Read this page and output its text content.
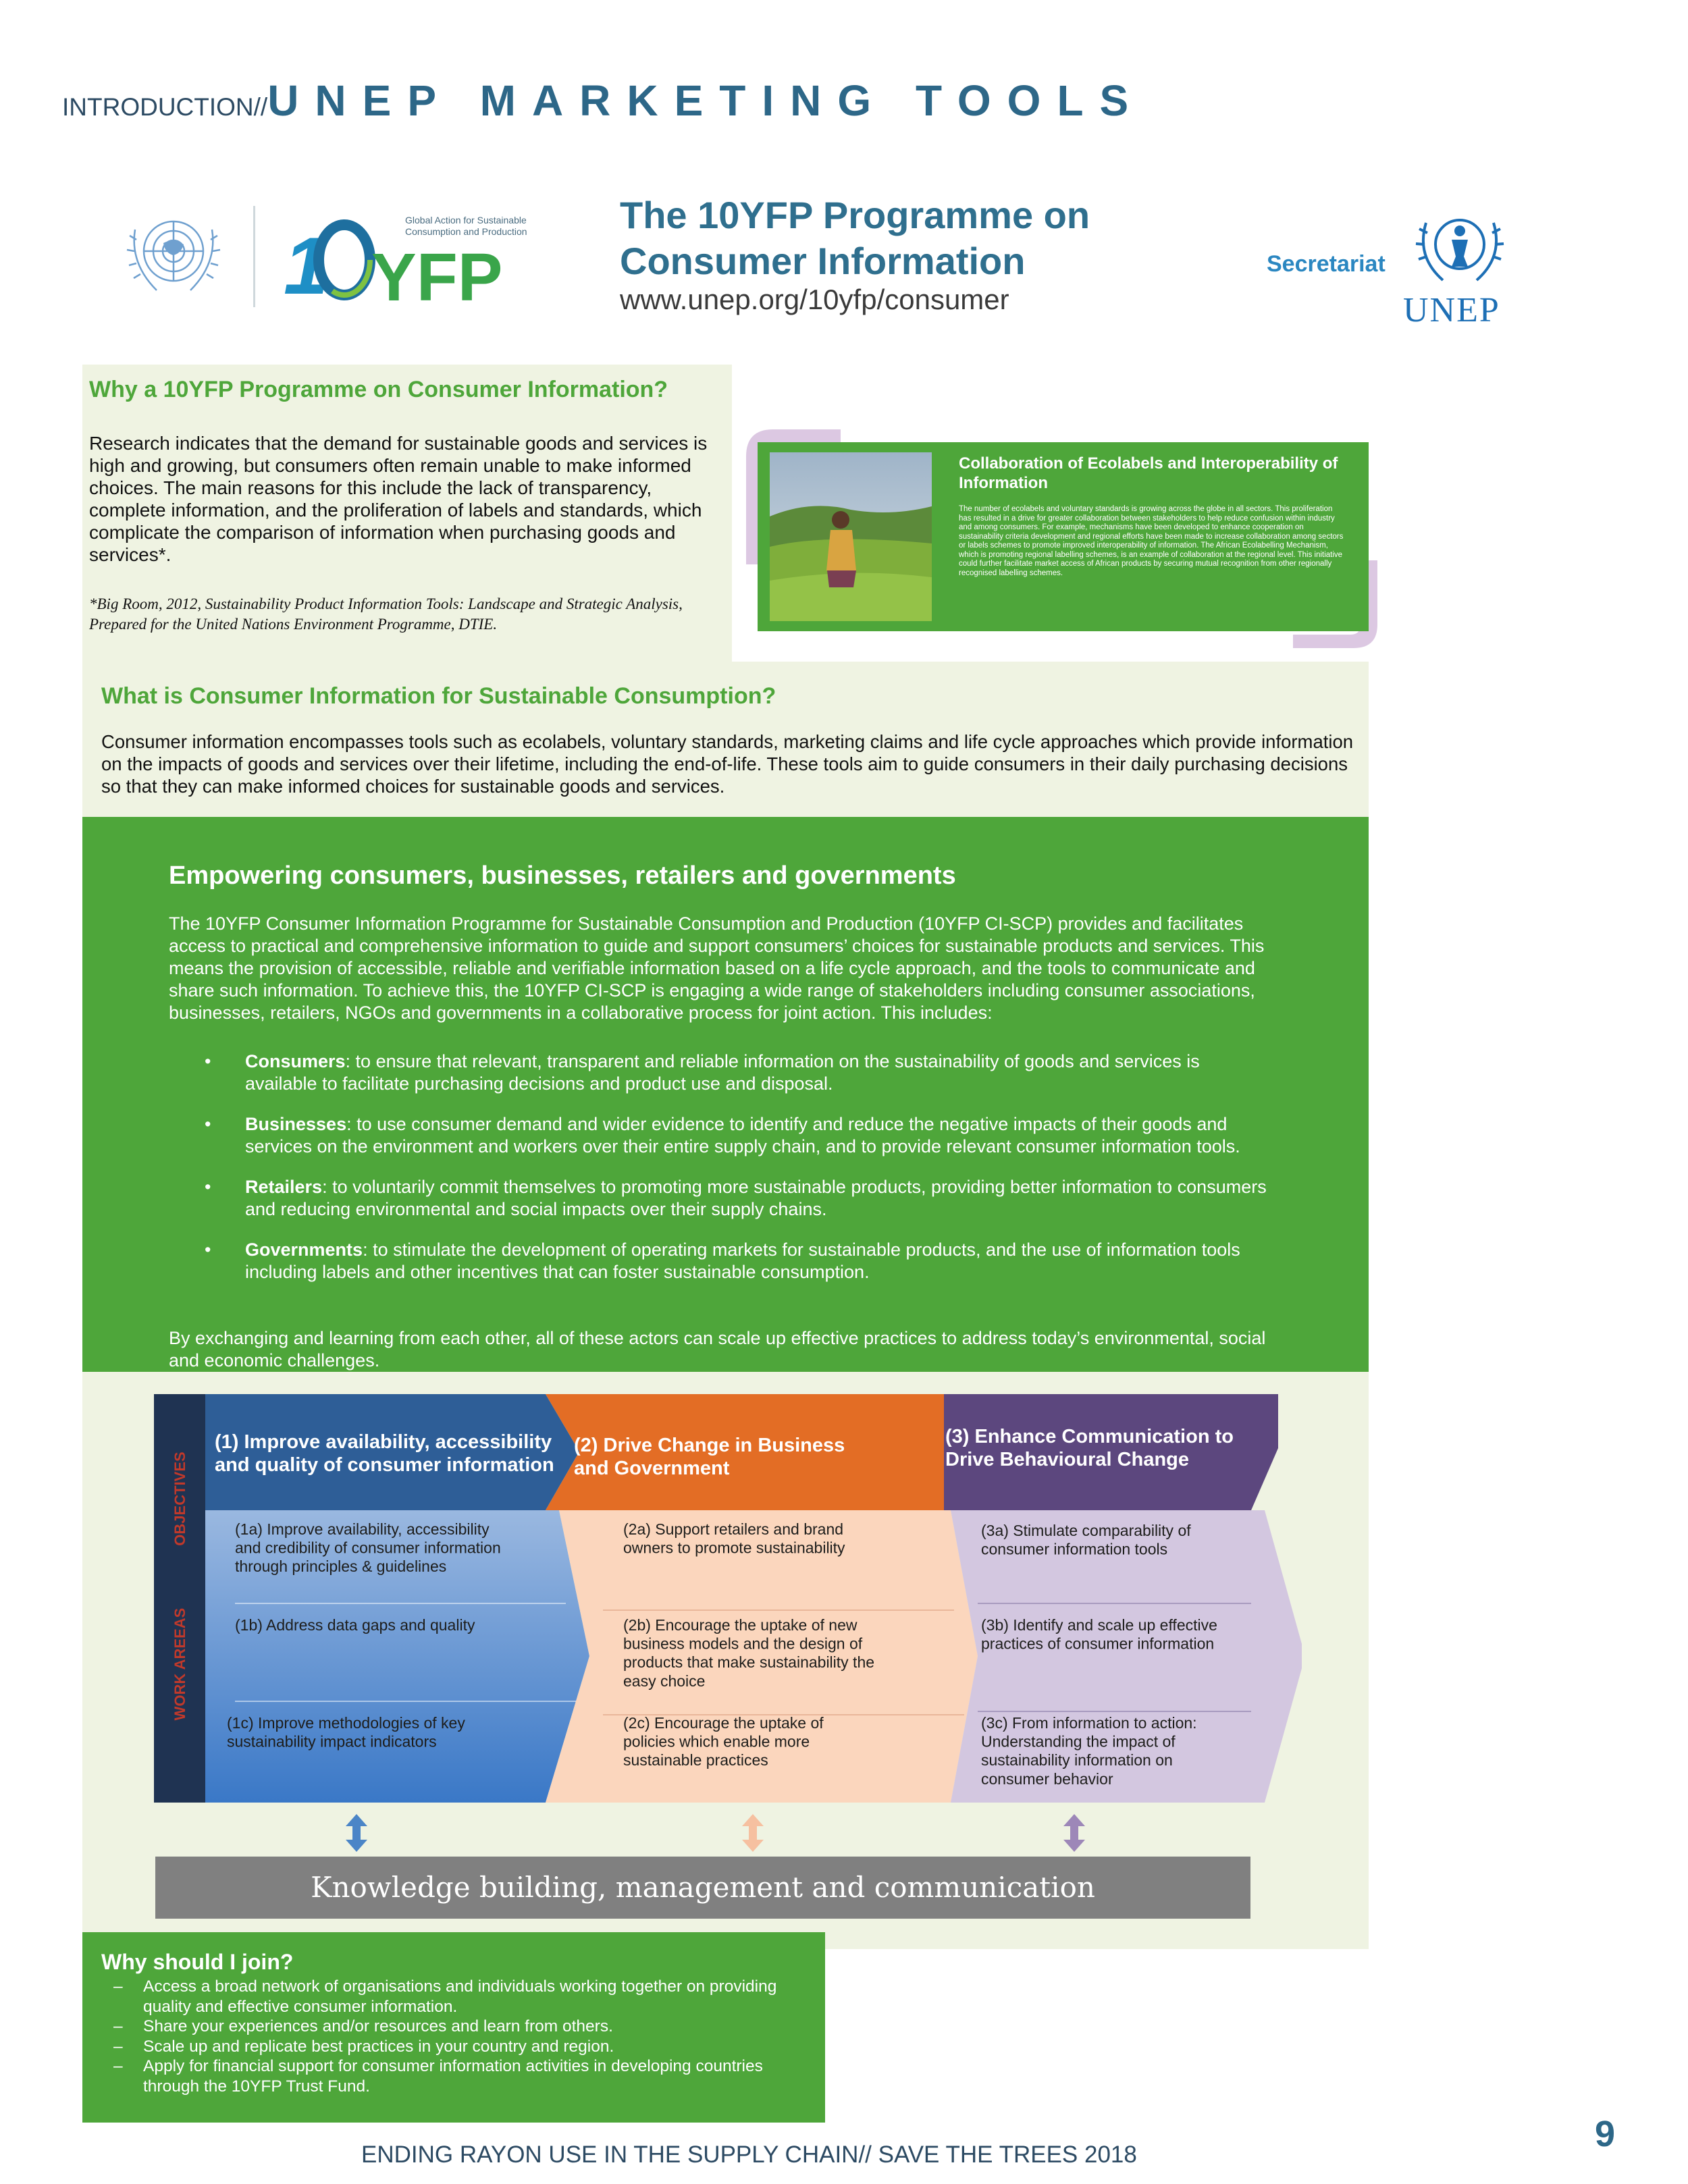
INTRODUCTION//UNEP MARKETING TOOLS
1 YFP
Global Action for Sustainable Consumption and Production	The 10YFP Programme on
Consumer Information
www.unep.org/10yfp/consumer
Secretariat
UNEP
Why a 10YFP Programme on Consumer Information?
Research indicates that the demand for sustainable goods and services is high and growing, but consumers often remain unable to make informed choices. The main reasons for this include the lack of transparency, complete information, and the proliferation of labels and standards, which complicate the comparison of information when purchasing goods and services*.
*Big Room, 2012, Sustainability Product Information Tools: Landscape and Strategic Analysis, Prepared for the United Nations Environment Programme, DTIE.
Collaboration of Ecolabels and Interoperability of Information
The number of ecolabels and voluntary standards is growing across the globe in all sectors. This proliferation has resulted in a drive for greater collaboration between stakeholders to help reduce confusion within industry and among consumers. For example, mechanisms have been developed to enhance cooperation on sustainability criteria development and regional efforts have been made to increase collaboration among sectors or labels schemes to promote improved interoperability of information. The African Ecolabelling Mechanism, which is promoting regional labelling schemes, is an example of collaboration at the regional level. This initiative could further facilitate market access of African products by securing mutual recognition from other regionally recognised labelling schemes.
What is Consumer Information for Sustainable Consumption?
Consumer information encompasses tools such as ecolabels, voluntary standards, marketing claims and life cycle approaches which provide information on the impacts of goods and services over their lifetime, including the end-of-life. These tools aim to guide consumers in their daily purchasing decisions so that they can make informed choices for sustainable goods and services.
Empowering consumers, businesses, retailers and governments
The 10YFP Consumer Information Programme for Sustainable Consumption and Production (10YFP CI-SCP) provides and facilitates access to practical and comprehensive information to guide and support consumers’ choices for sustainable products and services. This means the provision of accessible, reliable and verifiable information based on a life cycle approach, and the tools to communicate and share such information. To achieve this, the 10YFP CI-SCP is engaging a wide range of stakeholders including consumer associations, businesses, retailers, NGOs and governments in a collaborative process for joint action. This includes:
• Consumers: to ensure that relevant, transparent and reliable information on the sustainability of goods and services is available to facilitate purchasing decisions and product use and disposal.
• Businesses: to use consumer demand and wider evidence to identify and reduce the negative impacts of their goods and services on the environment and workers over their entire supply chain, and to provide relevant consumer information tools.
• Retailers: to voluntarily commit themselves to promoting more sustainable products, providing better information to consumers and reducing environmental and social impacts over their supply chains.
• Governments: to stimulate the development of operating markets for sustainable products, and the use of information tools including labels and other incentives that can foster sustainable consumption.
By exchanging and learning from each other, all of these actors can scale up effective practices to address today’s environmental, social and economic challenges.
OBJECTIVES
WORK AREEAS
(1) Improve availability, accessibility and quality of consumer information
(2) Drive Change in Business and Government
(3) Enhance Communication to Drive Behavioural Change
(1a) Improve availability, accessibility and credibility of consumer information through principles & guidelines
(1b) Address data gaps and quality
(1c) Improve methodologies of key sustainability impact indicators
(2a) Support retailers and brand owners to promote sustainability
(2b) Encourage the uptake of new business models and the design of products that make sustainability the easy choice
(2c) Encourage the uptake of policies which enable more sustainable practices
(3a) Stimulate comparability of consumer information tools
(3b) Identify and scale up effective practices of consumer information
(3c) From information to action: Understanding the impact of sustainability information on consumer behavior
Knowledge building, management and communication
Why should I join?
– Access a broad network of organisations and individuals working together on providing quality and effective consumer information.
– Share your experiences and/or resources and learn from others.
– Scale up and replicate best practices in your country and region.
– Apply for financial support for consumer information activities in developing countries through the 10YFP Trust Fund.
9
ENDING RAYON USE IN THE SUPPLY CHAIN// SAVE THE TREES 2018
